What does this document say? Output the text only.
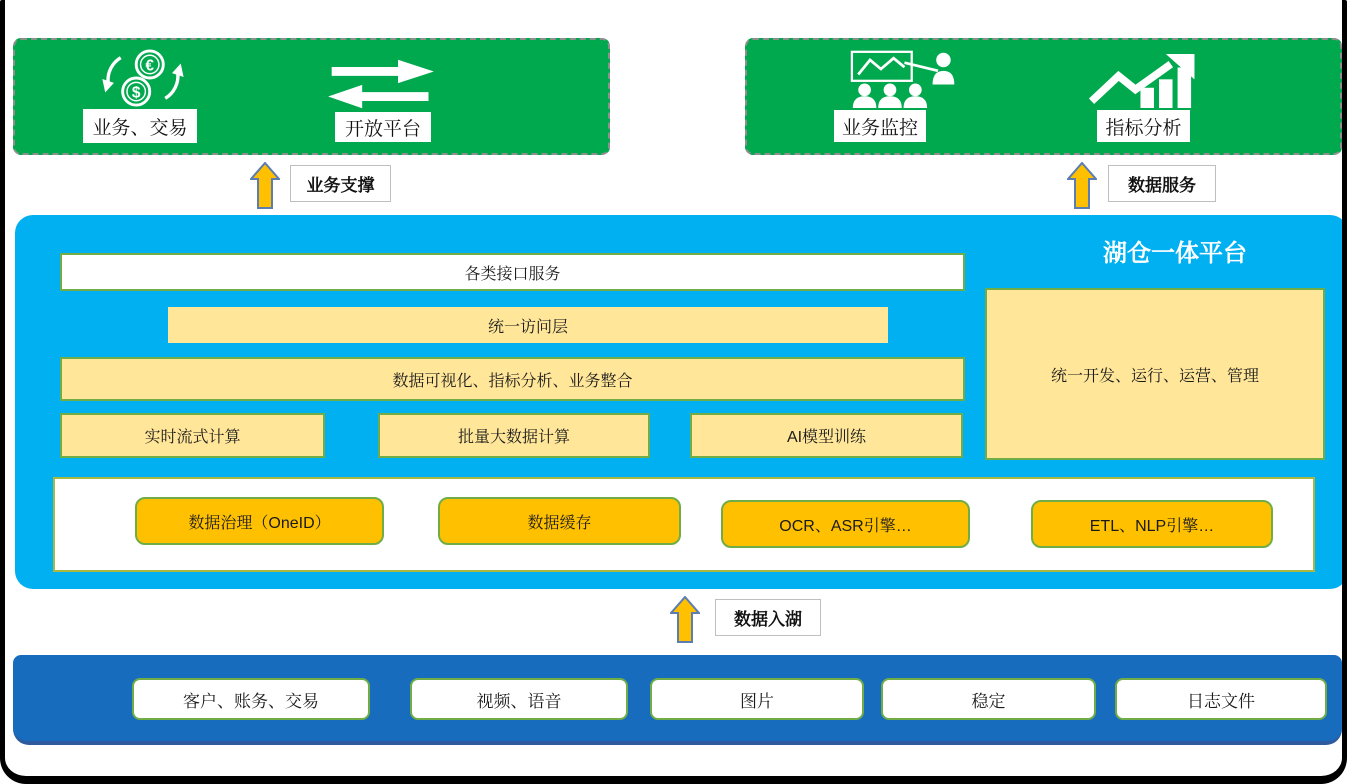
€
$
业务、交易	开放平台	业务监控	指标分析
业务支撑	数据服务
湖仓一体平台
各类接口服务
统一访问层
数据可视化、指标分析、业务整合
实时流式计算	批量大数据计算	AI模型训练
统一开发、运行、运营、管理
数据治理（OneID）	数据缓存	OCR、ASR引擎…	ETL、NLP引擎…
数据入湖
客户、账务、交易	视频、语音	图片	稳定	日志文件
